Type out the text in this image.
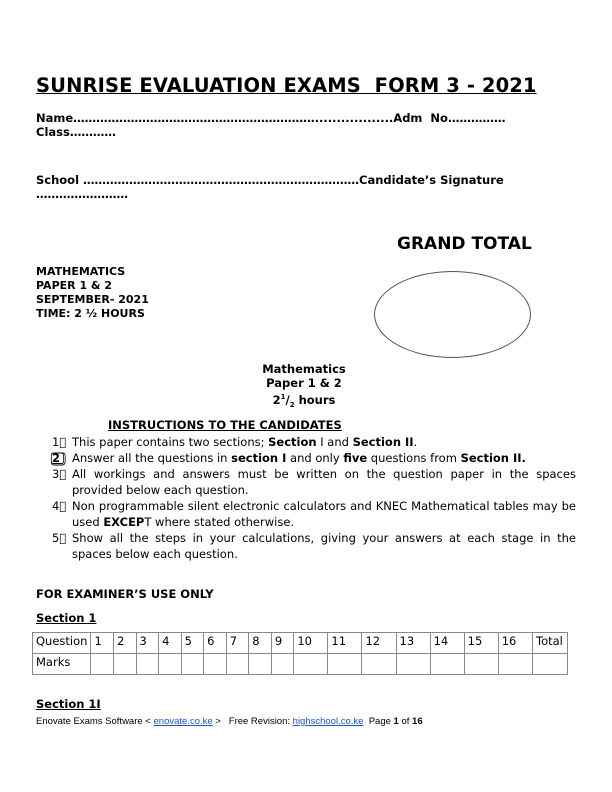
SUNRISE EVALUATION EXAMS  FORM 3 - 2021
Name………………………………………………………..................Adm  No……………
Class…………
School ………………………………………………………………Candidate’s Signature
……………………
GRAND TOTAL
MATHEMATICS
PAPER 1 & 2
SEPTEMBER- 2021
TIME: 2 ½ HOURS
Mathematics
Paper 1 & 2
$2^1/_2$ hours
INSTRUCTIONS TO THE CANDIDATES
1 This paper contains two sections; Section I and Section II.
2	Answer all the questions in section I and only five questions from Section II.
3 All workings and answers must be written on the question paper in the spaces provided below each question.
4 Non programmable silent electronic calculators and KNEC Mathematical tables may be used EXCEPT where stated otherwise.
5 Show all the steps in your calculations, giving your answers at each stage in the spaces below each question.
FOR EXAMINER’S USE ONLY
Section 1
Question	1	2	3	4	5	6	7	8	9	10	11	12	13	14	15	16	Total
Marks																	
Section 1I
Enovate Exams Software < enovate.co.ke >   Free Revision: highschool.co.ke  Page 1 of 16
